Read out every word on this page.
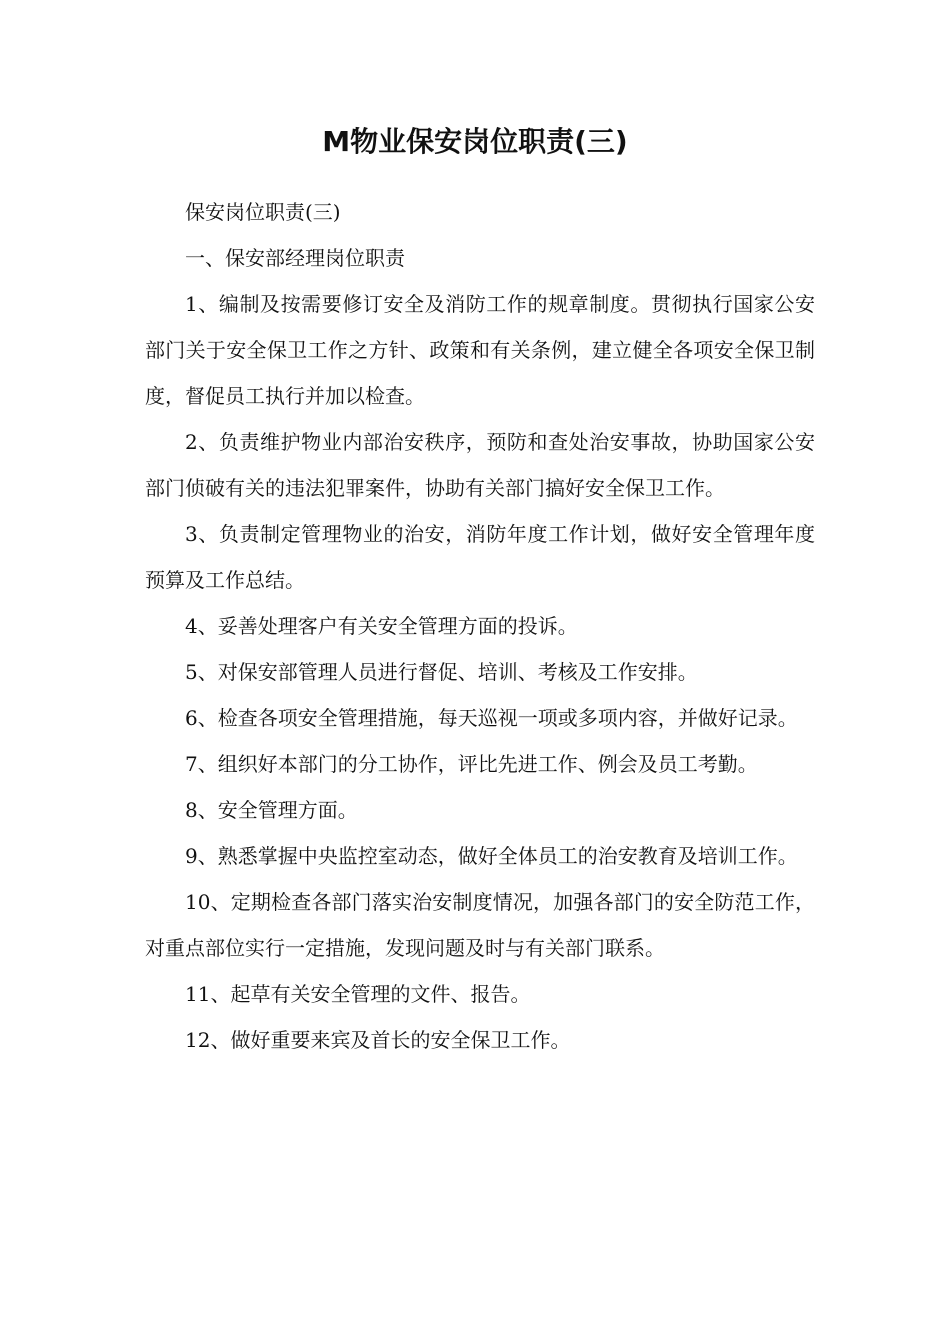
M物业保安岗位职责(三)

保安岗位职责(三)

一、保安部经理岗位职责

1、编制及按需要修订安全及消防工作的规章制度。贯彻执行国家公安部门关于安全保卫工作之方针、政策和有关条例，建立健全各项安全保卫制度，督促员工执行并加以检查。

2、负责维护物业内部治安秩序，预防和查处治安事故，协助国家公安部门侦破有关的违法犯罪案件，协助有关部门搞好安全保卫工作。

3、负责制定管理物业的治安，消防年度工作计划，做好安全管理年度预算及工作总结。

4、妥善处理客户有关安全管理方面的投诉。

5、对保安部管理人员进行督促、培训、考核及工作安排。

6、检查各项安全管理措施，每天巡视一项或多项内容，并做好记录。

7、组织好本部门的分工协作，评比先进工作、例会及员工考勤。

8、安全管理方面。

9、熟悉掌握中央监控室动态，做好全体员工的治安教育及培训工作。

10、定期检查各部门落实治安制度情况，加强各部门的安全防范工作，对重点部位实行一定措施，发现问题及时与有关部门联系。

11、起草有关安全管理的文件、报告。

12、做好重要来宾及首长的安全保卫工作。
